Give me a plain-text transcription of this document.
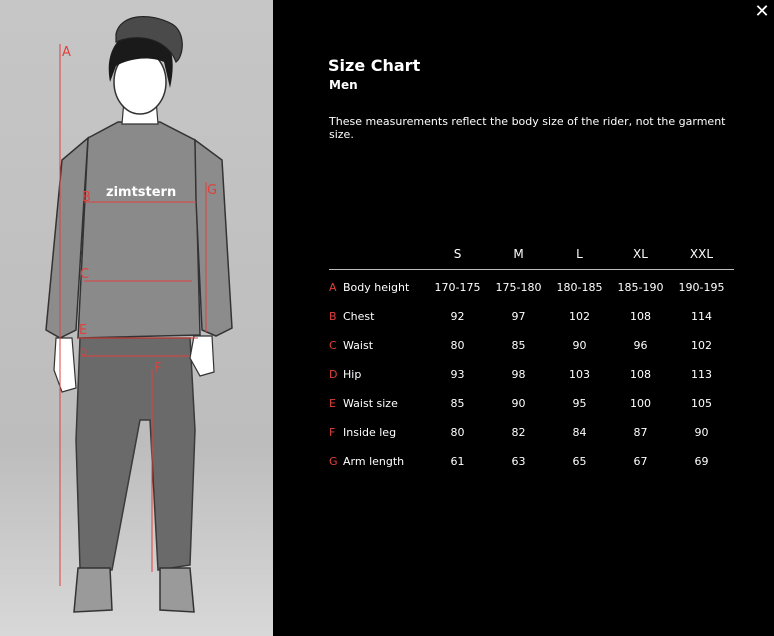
zimtstern
A
B
C
E
F
G
D
✕
Size Chart
Men
These measurements reflect the body size of the rider, not the garment size.
S	M	L	XL	XXL
A Body height	170-175	175-180	180-185	185-190	190-195
B Chest	92	97	102	108	114
C Waist	80	85	90	96	102
D Hip	93	98	103	108	113
E Waist size	85	90	95	100	105
F Inside leg	80	82	84	87	90
G Arm length	61	63	65	67	69
